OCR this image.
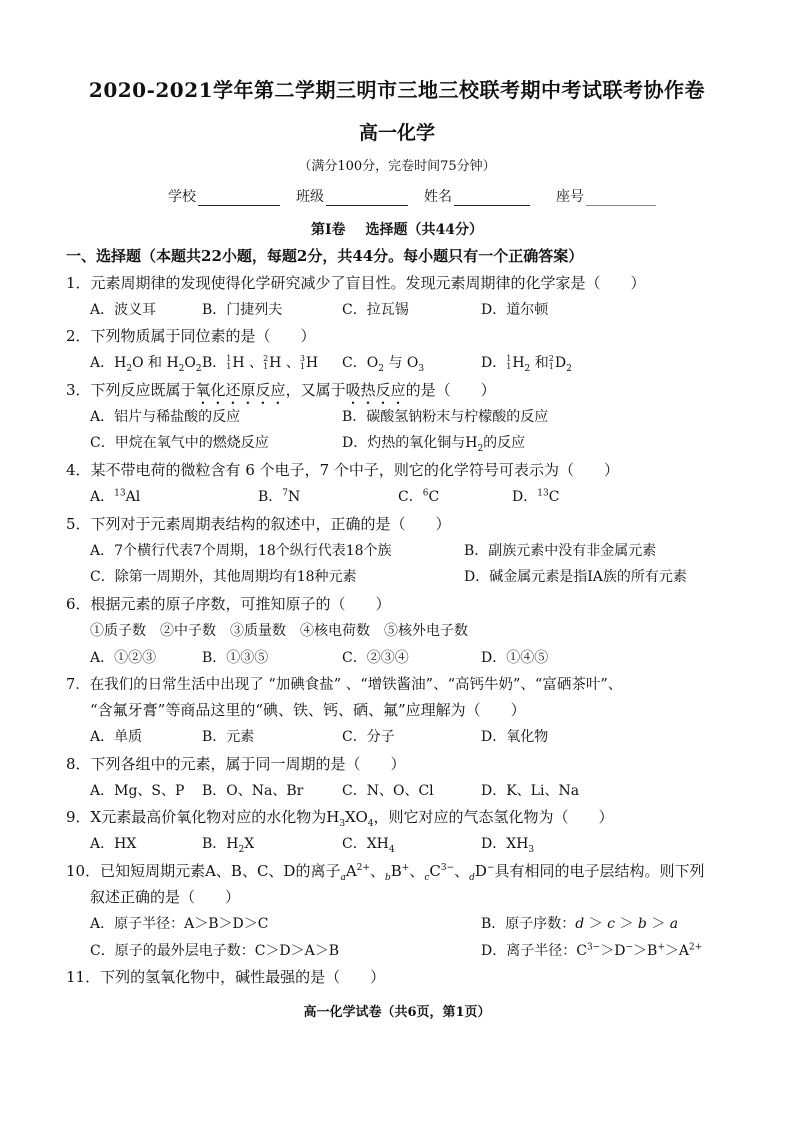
2020-2021学年第二学期三明市三地三校联考期中考试联考协作卷
高一化学
（满分100分，完卷时间75分钟）
学校	班级	姓名	座号
第Ⅰ卷 选择题（共44分）
一、选择题（本题共22小题，每题2分，共44分。每小题只有一个正确答案）
1．元素周期律的发现使得化学研究减少了盲目性。发现元素周期律的化学家是（　　）
A．波义耳	B．门捷列夫	C．拉瓦锡	D．道尔顿
2．下列物质属于同位素的是（　　）
A．$H_2O$ 和 $H_2O_2$ B． 1
1 H 、 2
1 H 、 3
1 H C．$O_2$ 与 $O_3$	D． 1
1 $H_2$ 和 2
1 $D_2$
3．下列反应既属于氧化还原反应，又属于吸热反应的是（　　）
A．铝片与稀盐酸的反应	B．碳酸氢钠粉末与柠檬酸的反应
C．甲烷在氧气中的燃烧反应	D．灼热的氧化铜与$H_2$的反应
4．某不带电荷的微粒含有 6 个电子，7 个中子，则它的化学符号可表示为（　　）
A．$^{13}$Al	B．$^7$N	C．$^6$C	D．$^{13}$C
5．下列对于元素周期表结构的叙述中，正确的是（　　）
A．7个横行代表7个周期，18个纵行代表18个族	B．副族元素中没有非金属元素
C．除第一周期外，其他周期均有18种元素	D．碱金属元素是指ⅠA族的所有元素
6．根据元素的原子序数，可推知原子的（　　）
①质子数　②中子数　③质量数　④核电荷数　⑤核外电子数
A．①②③	B．①③⑤	C．②③④	D．①④⑤
7．在我们的日常生活中出现了 “加碘食盐” 、“增铁酱油”、“高钙牛奶”、“富硒茶叶”、
“含氟牙膏”等商品这里的“碘、铁、钙、硒、氟”应理解为（　　）
A．单质	B．元素	C．分子	D．氧化物
8．下列各组中的元素，属于同一周期的是（　　）
A．Mg、S、P B．O、Na、Br	C．N、O、Cl	D．K、Li、Na
9．X元素最高价氧化物对应的水化物为$H_3XO_4$，则它对应的气态氢化物为（　　）
A．HX	B．$H_2X$	C．$XH_4$	D．$XH_3$
10．已知短周期元素A、B、C、D的离子$_aA^{2+}$、$_b$B+、$_cC^{3-}$、$_d$D−具有相同的电子层结构。则下列
叙述正确的是（　　）
A．原子半径：A＞B＞D＞C	B．原子序数：d ＞ c ＞ b ＞ a
C．原子的最外层电子数：C＞D＞A＞B	D．离子半径：$C^{3-}>D^->B^+>A^{2+}$
11．下列的氢氧化物中，碱性最强的是（　　）
高一化学试卷（共6页，第1页）
